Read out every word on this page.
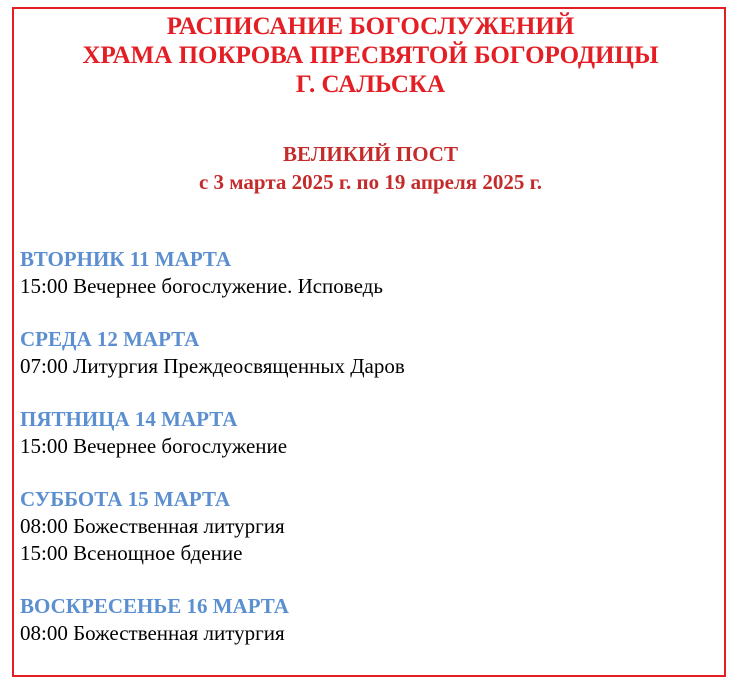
РАСПИСАНИЕ БОГОСЛУЖЕНИЙ
ХРАМА ПОКРОВА ПРЕСВЯТОЙ БОГОРОДИЦЫ
Г. САЛЬСКА
ВЕЛИКИЙ ПОСТ
с 3 марта 2025 г. по 19 апреля 2025 г.
ВТОРНИК 11 МАРТА
15:00 Вечернее богослужение. Исповедь
СРЕДА 12 МАРТА
07:00 Литургия Преждеосвященных Даров
ПЯТНИЦА 14 МАРТА
15:00 Вечернее богослужение
СУББОТА 15 МАРТА
08:00 Божественная литургия
15:00 Всенощное бдение
ВОСКРЕСЕНЬЕ 16 МАРТА
08:00 Божественная литургия
